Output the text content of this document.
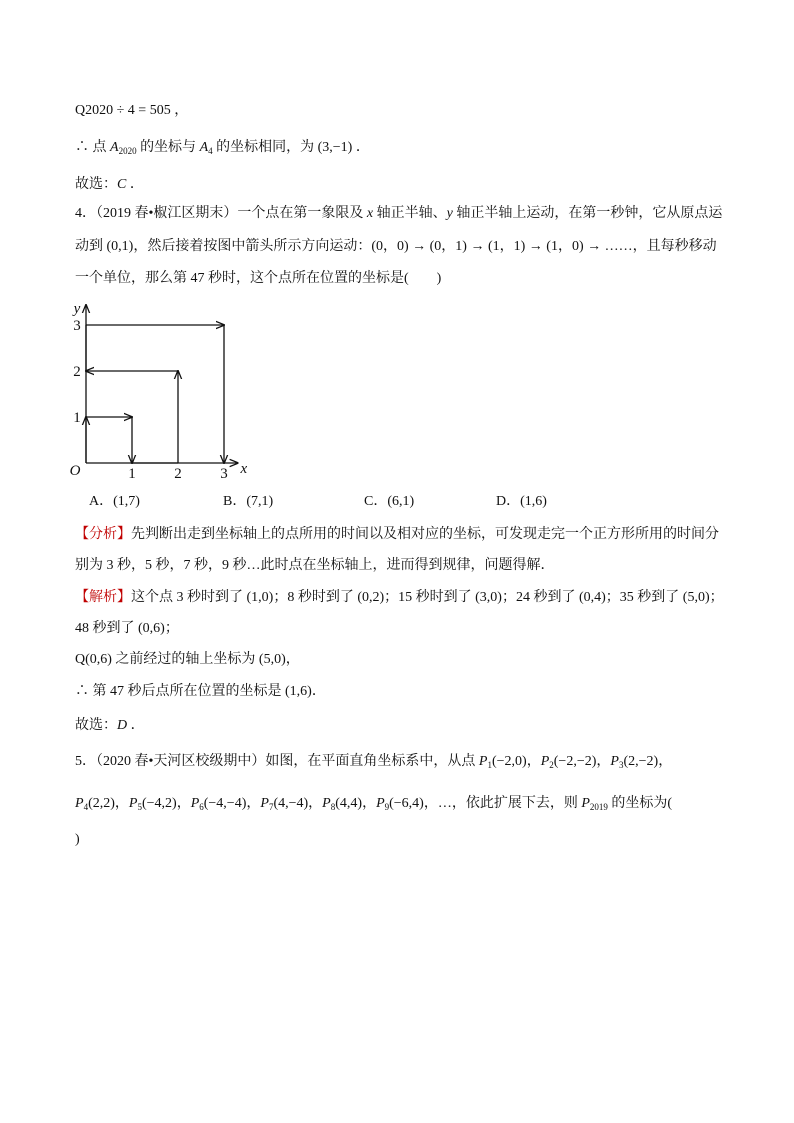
Q2020 ÷ 4 = 505 ，
∴ 点 $A_{2020}$ 的坐标与 $A_4$ 的坐标相同，为 (3,−1) ．
故选：C ．
4．（2019 春•椒江区期末）一个点在第一象限及 x 轴正半轴、y 轴正半轴上运动，在第一秒钟，它从原点运
动到 (0,1)，然后接着按图中箭头所示方向运动：(0，0) → (0，1) → (1，1) → (1，0) → ……，且每秒移动
一个单位，那么第 47 秒时，这个点所在位置的坐标是(　　)
1	2	3
1
2
3
O	x
y
A．(1,7)	B．(7,1)	C．(6,1)	D．(1,6)
【分析】先判断出走到坐标轴上的点所用的时间以及相对应的坐标，可发现走完一个正方形所用的时间分
别为 3 秒，5 秒，7 秒，9 秒…此时点在坐标轴上，进而得到规律，问题得解．
【解析】这个点 3 秒时到了 (1,0)；8 秒时到了 (0,2)；15 秒时到了 (3,0)；24 秒到了 (0,4)；35 秒到了 (5,0)；
48 秒到了 (0,6)；
Q(0,6) 之前经过的轴上坐标为 (5,0)，
∴ 第 47 秒后点所在位置的坐标是 (1,6)．
故选：D ．
5．（2020 春•天河区校级期中）如图，在平面直角坐标系中，从点 $P_1(-2,0)$，$P_2(-2,-2)$，$P_3(2,-2)$，
$P_4(2,2)$，$P_5(-4,2)$，$P_6(-4,-4)$，$P_7(4,-4)$，$P_8(4,4)$，$P_9(-6,4)$，…，依此扩展下去，则 $P_{2019}$ 的坐标为(
)
